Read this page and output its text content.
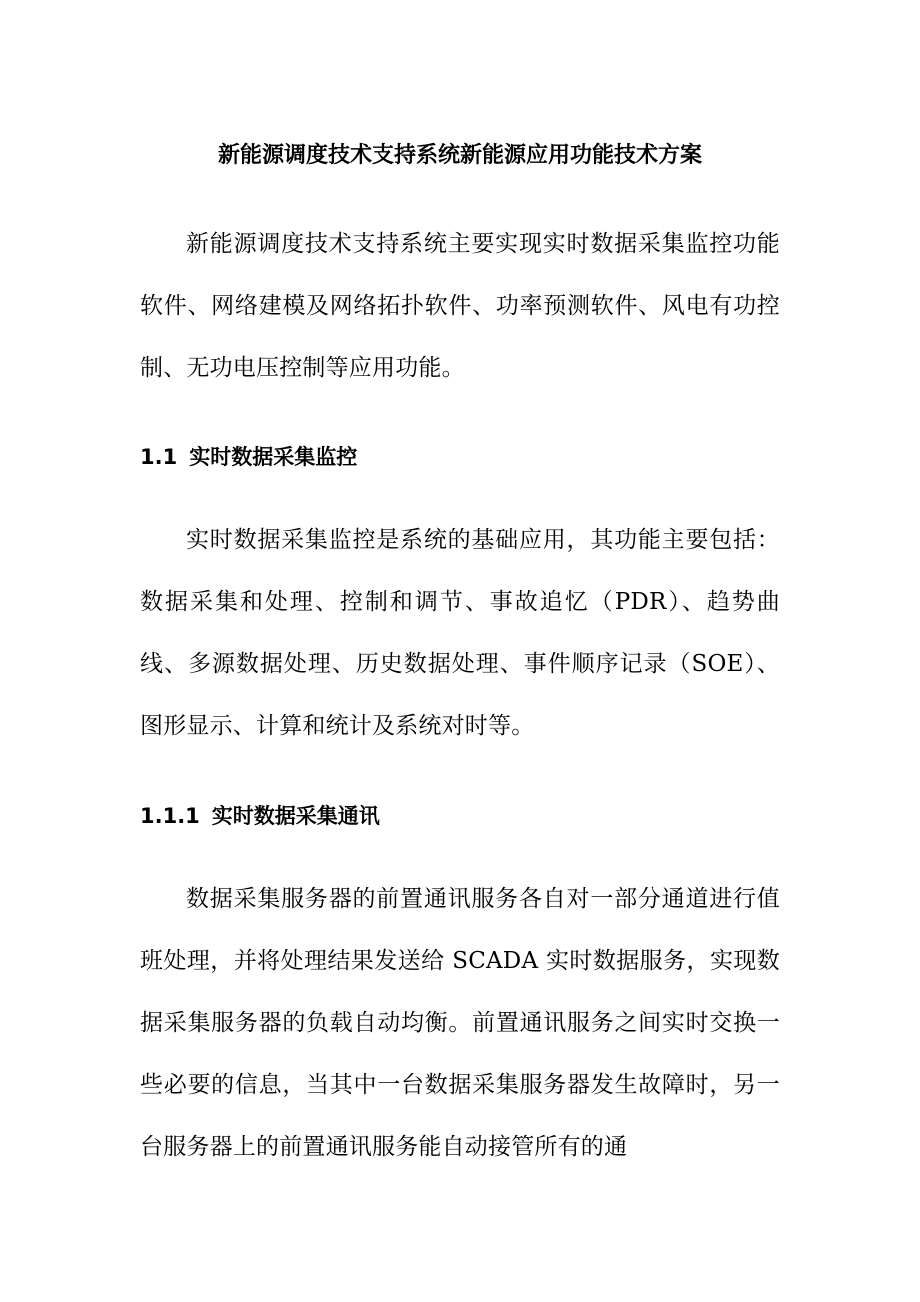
新能源调度技术支持系统新能源应用功能技术方案

新能源调度技术支持系统主要实现实时数据采集监控功能软件、网络建模及网络拓扑软件、功率预测软件、风电有功控制、无功电压控制等应用功能。

1.1 实时数据采集监控

实时数据采集监控是系统的基础应用，其功能主要包括：数据采集和处理、控制和调节、事故追忆（PDR）、趋势曲线、多源数据处理、历史数据处理、事件顺序记录（SOE）、图形显示、计算和统计及系统对时等。

1.1.1 实时数据采集通讯

数据采集服务器的前置通讯服务各自对一部分通道进行值班处理，并将处理结果发送给 SCADA 实时数据服务，实现数据采集服务器的负载自动均衡。前置通讯服务之间实时交换一些必要的信息，当其中一台数据采集服务器发生故障时，另一台服务器上的前置通讯服务能自动接管所有的通
